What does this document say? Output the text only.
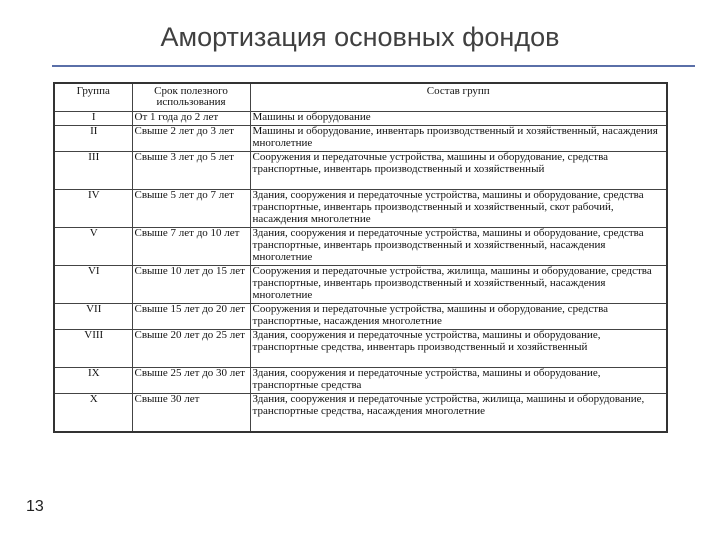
Амортизация основных фондов
Группа	Срок полезного использования	Состав групп
I	От 1 года до 2 лет	Машины и оборудование
II	Свыше 2 лет до 3 лет	Машины и оборудование, инвентарь производственный и хозяйственный, насаждения многолетние
III	Свыше 3 лет до 5 лет	Сооружения и передаточные устройства, машины и оборудование, средства транспортные, инвентарь производственный и хозяйственный
IV	Свыше 5 лет до 7 лет	Здания, сооружения и передаточные устройства, машины и оборудование, средства транспортные, инвентарь производственный и хозяйственный, скот рабочий, насаждения многолетние
V	Свыше 7 лет до 10 лет	Здания, сооружения и передаточные устройства, машины и оборудование, средства транспортные, инвентарь производственный и хозяйственный, насаждения многолетние
VI	Свыше 10 лет до 15 лет	Сооружения и передаточные устройства, жилища, машины и оборудование, средства транспортные, инвентарь производственный и хозяйственный, насаждения многолетние
VII	Свыше 15 лет до 20 лет	Сооружения и передаточные устройства, машины и оборудование, средства транспортные, насаждения многолетние
VIII	Свыше 20 лет до 25 лет	Здания, сооружения и передаточные устройства, машины и оборудование, транспортные средства, инвентарь производственный и хозяйственный
IX	Свыше 25 лет до 30 лет	Здания, сооружения и передаточные устройства, машины и оборудование, транспортные средства
X	Свыше 30 лет	Здания, сооружения и передаточные устройства, жилища, машины и оборудование, транспортные средства, насаждения многолетние
13
